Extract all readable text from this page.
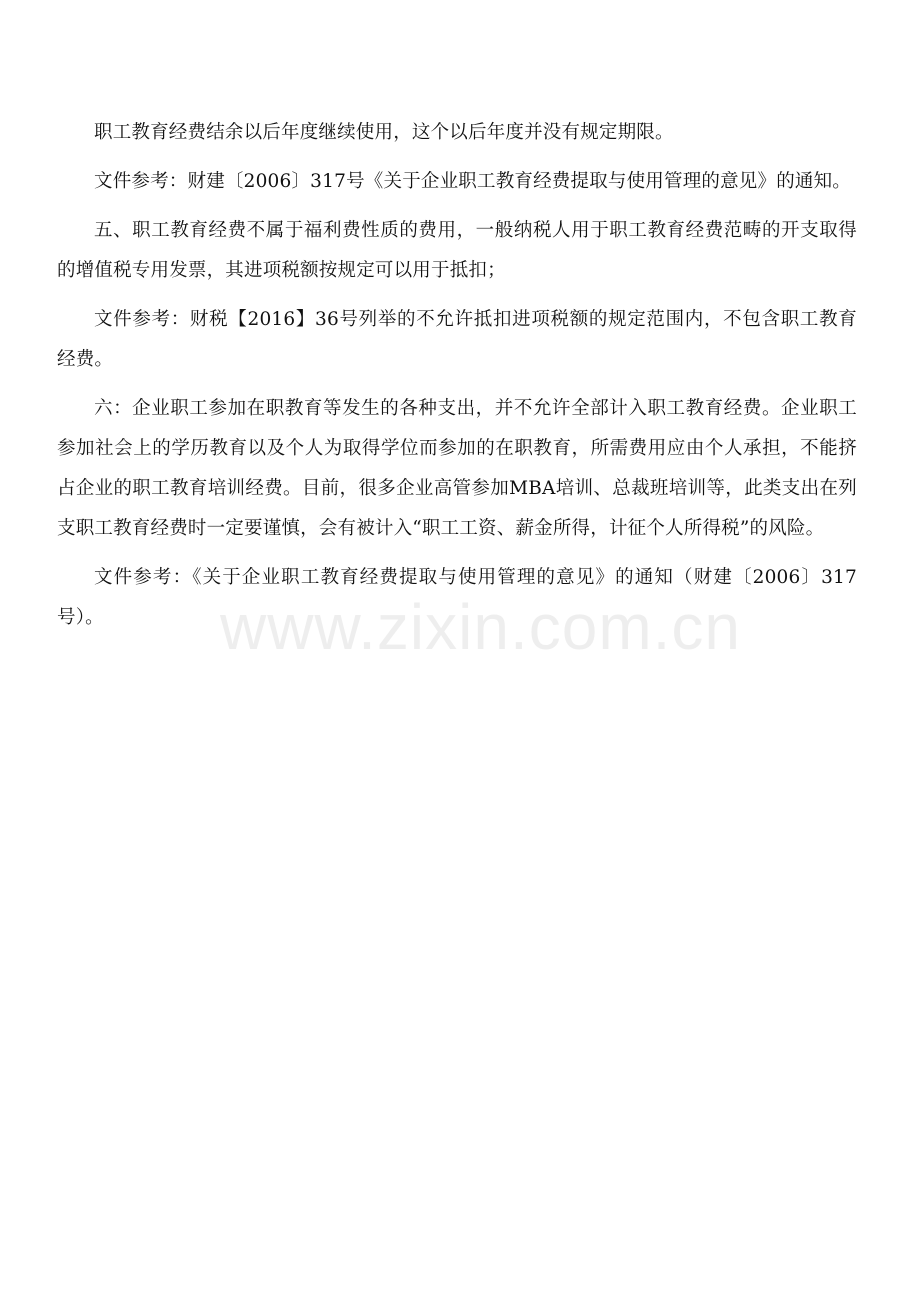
职工教育经费结余以后年度继续使用，这个以后年度并没有规定期限。

文件参考：财建〔2006〕317号《关于企业职工教育经费提取与使用管理的意见》的通知。

五、职工教育经费不属于福利费性质的费用，一般纳税人用于职工教育经费范畴的开支取得的增值税专用发票，其进项税额按规定可以用于抵扣；

文件参考：财税【2016】36号列举的不允许抵扣进项税额的规定范围内，不包含职工教育经费。

六：企业职工参加在职教育等发生的各种支出，并不允许全部计入职工教育经费。企业职工参加社会上的学历教育以及个人为取得学位而参加的在职教育，所需费用应由个人承担，不能挤占企业的职工教育培训经费。目前，很多企业高管参加MBA培训、总裁班培训等，此类支出在列支职工教育经费时一定要谨慎，会有被计入“职工工资、薪金所得，计征个人所得税”的风险。

文件参考：《关于企业职工教育经费提取与使用管理的意见》的通知（财建〔2006〕317号）。	www.zixin.com.cn
